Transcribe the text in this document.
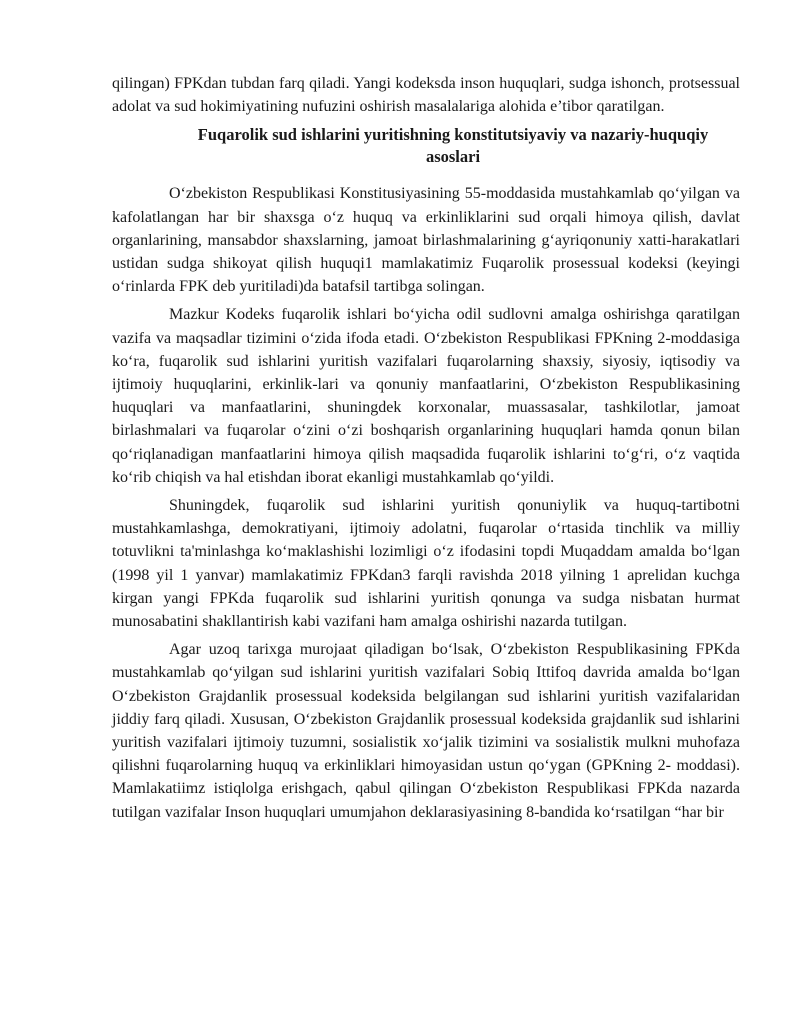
qilingan) FPKdan tubdan farq qiladi. Yangi kodeksda inson huquqlari, sudga ishonch, protsessual adolat va sud hokimiyatining nufuzini oshirish masalalariga alohida e’tibor qaratilgan.

Fuqarolik sud ishlarini yuritishning konstitutsiyaviy va nazariy-huquqiy
asoslari

O‘zbekiston Respublikasi Konstitusiyasining 55-moddasida mustahkamlab qo‘yilgan va kafolatlangan har bir shaxsga o‘z huquq va erkinliklarini sud orqali himoya qilish, davlat organlarining, mansabdor shaxslarning, jamoat birlashmalarining g‘ayriqonuniy xatti-harakatlari ustidan sudga shikoyat qilish huquqi1 mamlakatimiz Fuqarolik prosessual kodeksi (keyingi o‘rinlarda FPK deb yuritiladi)da batafsil tartibga solingan.

Mazkur Kodeks fuqarolik ishlari bo‘yicha odil sudlovni amalga oshirishga qaratilgan vazifa va maqsadlar tizimini o‘zida ifoda etadi. O‘zbekiston Respublikasi FPKning 2-moddasiga ko‘ra, fuqarolik sud ishlarini yuritish vazifalari fuqarolarning shaxsiy, siyosiy, iqtisodiy va ijtimoiy huquqlarini, erkinlik-lari va qonuniy manfaatlarini, O‘zbekiston Respublikasining huquqlari va manfaatlarini, shuningdek korxonalar, muassasalar, tashkilotlar, jamoat birlashmalari va fuqarolar o‘zini o‘zi boshqarish organlarining huquqlari hamda qonun bilan qo‘riqlanadigan manfaatlarini himoya qilish maqsadida fuqarolik ishlarini to‘g‘ri, o‘z vaqtida ko‘rib chiqish va hal etishdan iborat ekanligi mustahkamlab qo‘yildi.

Shuningdek, fuqarolik sud ishlarini yuritish qonuniylik va huquq-tartibotni mustahkamlashga, demokratiyani, ijtimoiy adolatni, fuqarolar o‘rtasida tinchlik va milliy totuvlikni ta'minlashga ko‘maklashishi lozimligi o‘z ifodasini topdi Muqaddam amalda bo‘lgan (1998 yil 1 yanvar) mamlakatimiz FPKdan3 farqli ravishda 2018 yilning 1 aprelidan kuchga kirgan yangi FPKda fuqarolik sud ishlarini yuritish qonunga va sudga nisbatan hurmat munosabatini shakllantirish kabi vazifani ham amalga oshirishi nazarda tutilgan.

Agar uzoq tarixga murojaat qiladigan bo‘lsak, O‘zbekiston Respublikasining FPKda mustahkamlab qo‘yilgan sud ishlarini yuritish vazifalari Sobiq Ittifoq davrida amalda bo‘lgan O‘zbekiston Grajdanlik prosessual kodeksida belgilangan sud ishlarini yuritish vazifalaridan jiddiy farq qiladi. Xususan, O‘zbekiston Grajdanlik prosessual kodeksida grajdanlik sud ishlarini yuritish vazifalari ijtimoiy tuzumni, sosialistik xo‘jalik tizimini va sosialistik mulkni muhofaza qilishni fuqarolarning huquq va erkinliklari himoyasidan ustun qo‘ygan (GPKning 2- moddasi). Mamlakatiimz istiqlolga erishgach, qabul qilingan O‘zbekiston Respublikasi FPKda nazarda tutilgan vazifalar Inson huquqlari umumjahon deklarasiyasining 8-bandida ko‘rsatilgan “har bir
